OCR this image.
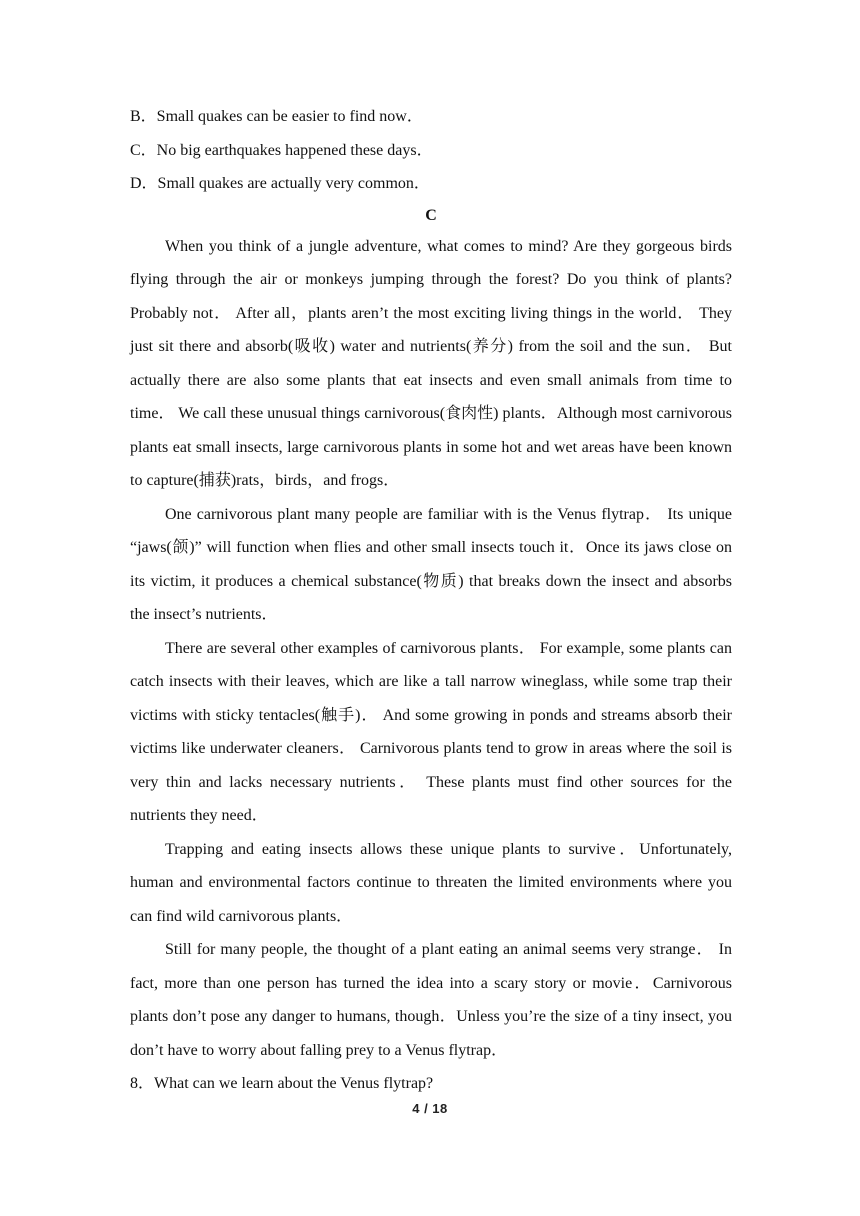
B．Small quakes can be easier to find now．

C．No big earthquakes happened these days．

D．Small quakes are actually very common．

C

When you think of a jungle adventure, what comes to mind? Are they gorgeous birds flying through the air or monkeys jumping through the forest? Do you think of plants? Probably not． After all，plants aren’t the most exciting living things in the world． They just sit there and absorb(吸收) water and nutrients(养分) from the soil and the sun． But actually there are also some plants that eat insects and even small animals from time to time． We call these unusual things carnivorous(食肉性) plants．Although most carnivorous plants eat small insects, large carnivorous plants in some hot and wet areas have been known to capture(捕获)rats，birds，and frogs．

One carnivorous plant many people are familiar with is the Venus flytrap． Its unique “jaws(颌)” will function when flies and other small insects touch it．Once its jaws close on its victim, it produces a chemical substance(物质) that breaks down the insect and absorbs the insect’s nutrients．

There are several other examples of carnivorous plants． For example, some plants can catch insects with their leaves, which are like a tall narrow wineglass, while some trap their victims with sticky tentacles(触手)． And some growing in ponds and streams absorb their victims like underwater cleaners． Carnivorous plants tend to grow in areas where the soil is very thin and lacks necessary nutrients． These plants must find other sources for the nutrients they need．

Trapping and eating insects allows these unique plants to survive．Unfortunately, human and environmental factors continue to threaten the limited environments where you can find wild carnivorous plants．

Still for many people, the thought of a plant eating an animal seems very strange． In fact, more than one person has turned the idea into a scary story or movie．Carnivorous plants don’t pose any danger to humans, though．Unless you’re the size of a tiny insect, you don’t have to worry about falling prey to a Venus flytrap．

8．What can we learn about the Venus flytrap?

4 / 18
